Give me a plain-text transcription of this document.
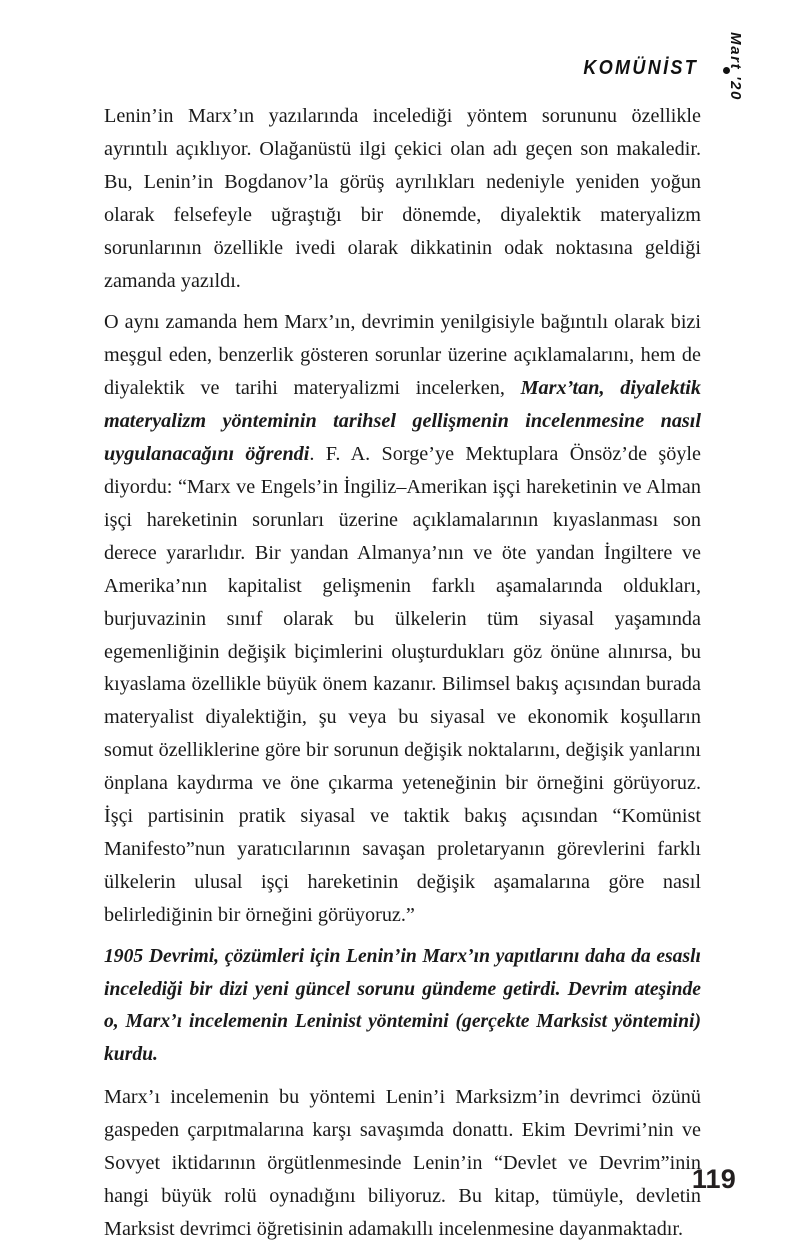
KOMÜNİST Mart '20

Lenin’in Marx’ın yazılarında incelediği yöntem sorununu özellikle ayrıntılı açıklıyor. Olağanüstü ilgi çekici olan adı geçen son makaledir. Bu, Lenin’in Bogdanov’la görüş ayrılıkları nedeniyle yeniden yoğun olarak felsefeyle uğraştığı bir dönemde, diyalektik materyalizm sorunlarının özellikle ivedi olarak dikkatinin odak noktasına geldiği zamanda yazıldı.

O aynı zamanda hem Marx’ın, devrimin yenilgisiyle bağıntılı olarak bizi meşgul eden, benzerlik gösteren sorunlar üzerine açıklamalarını, hem de diyalektik ve tarihi materyalizmi incelerken, Marx’tan, diyalektik materyalizm yönteminin tarihsel gellişmenin incelenmesine nasıl uygulanacağını öğrendi. F. A. Sorge’ye Mektuplara Önsöz’de şöyle diyordu: “Marx ve Engels’in İngiliz–Amerikan işçi hareketinin ve Alman işçi hareketinin sorunları üzerine açıklamalarının kıyaslanması son derece yararlıdır. Bir yandan Almanya’nın ve öte yandan İngiltere ve Amerika’nın kapitalist gelişmenin farklı aşamalarında oldukları, burjuvazinin sınıf olarak bu ülkelerin tüm siyasal yaşamında egemenliğinin değişik biçimlerini oluşturdukları göz önüne alınırsa, bu kıyaslama özellikle büyük önem kazanır. Bilimsel bakış açısından burada materyalist diyalektiğin, şu veya bu siyasal ve ekonomik koşulların somut özelliklerine göre bir sorunun değişik noktalarını, değişik yanlarını önplana kaydırma ve öne çıkarma yeteneğinin bir örneğini görüyoruz. İşçi partisinin pratik siyasal ve taktik bakış açısından “Komünist Manifesto”nun yaratıcılarının savaşan proletaryanın görevlerini farklı ülkelerin ulusal işçi hareketinin değişik aşamalarına göre nasıl belirlediğinin bir örneğini görüyoruz.”

1905 Devrimi, çözümleri için Lenin’in Marx’ın yapıtlarını daha da esaslı incelediği bir dizi yeni güncel sorunu gündeme getirdi. Devrim ateşinde o, Marx’ı incelemenin Leninist yöntemini (gerçekte Marksist yöntemini) kurdu.

Marx’ı incelemenin bu yöntemi Lenin’i Marksizm’in devrimci özünü gaspeden çarpıtmalarına karşı savaşımda donattı. Ekim Devrimi’nin ve Sovyet iktidarının örgütlenmesinde Lenin’in “Devlet ve Devrim”inin hangi büyük rolü oynadığını biliyoruz. Bu kitap, tümüyle, devletin Marksist devrimci öğretisinin adamakıllı incelenmesine dayanmaktadır.

119
